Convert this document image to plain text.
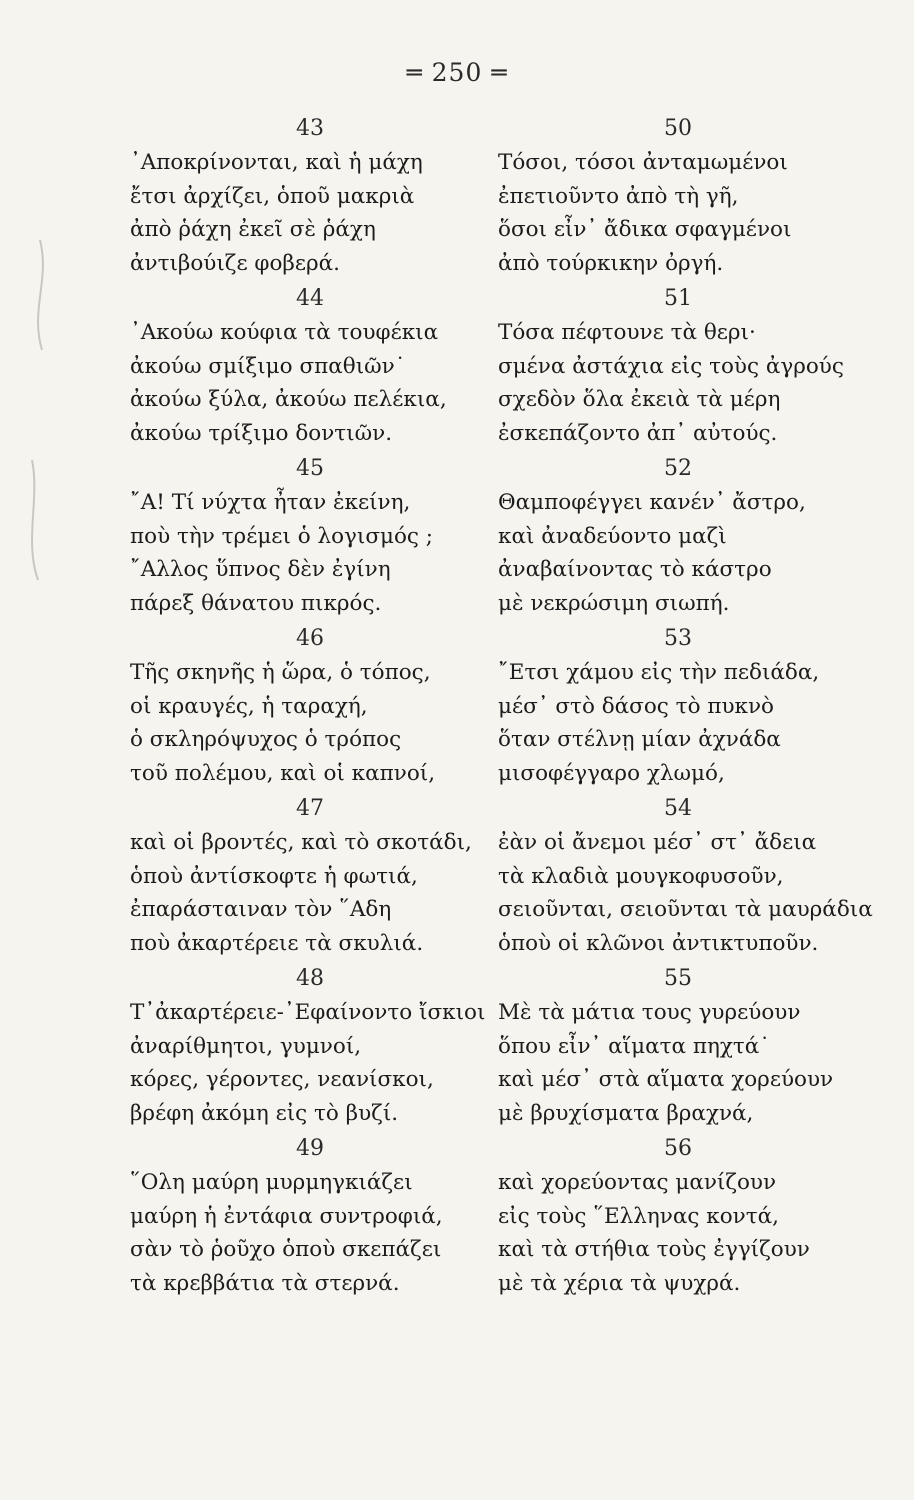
═ 250 ═
43
᾿Αποκρίνονται, καὶ ἡ μάχη
ἔτσι ἀρχίζει, ὁποῦ μακριὰ
ἀπὸ ῥάχη ἐκεῖ σὲ ῥάχη
ἀντιβούιζε φοβερά.
44
᾿Ακούω κούφια τὰ τουφέκια
ἀκούω σμίξιμο σπαθιῶν˙
ἀκούω ξύλα, ἀκούω πελέκια,
ἀκούω τρίξιμο δοντιῶν.
45
῎Α! Τί νύχτα ἦταν ἐκείνη,
ποὺ τὴν τρέμει ὁ λογισμός ;
῎Αλλος ὕπνος δὲν ἐγίνη
πάρεξ θάνατου πικρός.
46
Τῆς σκηνῆς ἡ ὥρα, ὁ τόπος,
οἱ κραυγές, ἡ ταραχή,
ὁ σκληρόψυχος ὁ τρόπος
τοῦ πολέμου, καὶ οἱ καπνοί,
47
καὶ οἱ βροντές, καὶ τὸ σκοτάδι,
ὁποὺ ἀντίσκοφτε ἡ φωτιά,
ἐπαράσταιναν τὸν ῞Αδη
ποὺ ἀκαρτέρειε τὰ σκυλιά.
48
Τ᾿ἀκαρτέρειε-᾿Εφαίνοντο ἴσκιοι
ἀναρίθμητοι, γυμνοί,
κόρες, γέροντες, νεανίσκοι,
βρέφη ἀκόμη εἰς τὸ βυζί.
49
῞Ολη μαύρη μυρμηγκιάζει
μαύρη ἡ ἐντάφια συντροφιά,
σὰν τὸ ῥοῦχο ὁποὺ σκεπάζει
τὰ κρεββάτια τὰ στερνά.
50
Τόσοι, τόσοι ἀνταμωμένοι
ἐπετιοῦντο ἀπὸ τὴ γῆ,
ὅσοι εἶν᾿ ἄδικα σφαγμένοι
ἀπὸ τούρκικην ὀργή.
51
Τόσα πέφτουνε τὰ θερι·
σμένα ἀστάχια εἰς τοὺς ἀγρούς
σχεδὸν ὅλα ἐκειὰ τὰ μέρη
ἐσκεπάζοντο ἀπ᾿ αὐτούς.
52
Θαμποφέγγει κανέν᾿ ἄστρο,
καὶ ἀναδεύοντο μαζὶ
ἀναβαίνοντας τὸ κάστρο
μὲ νεκρώσιμη σιωπή.
53
῎Ετσι χάμου εἰς τὴν πεδιάδα,
μέσ᾿ στὸ δάσος τὸ πυκνὸ
ὅταν στέλνῃ μίαν ἀχνάδα
μισοφέγγαρο χλωμό,
54
ἐὰν οἱ ἄνεμοι μέσ᾿ στ᾿ ἄδεια
τὰ κλαδιὰ μουγκοφυσοῦν,
σειοῦνται, σειοῦνται τὰ μαυράδια
ὁποὺ οἱ κλῶνοι ἀντικτυποῦν.
55
Μὲ τὰ μάτια τους γυρεύουν
ὅπου εἶν᾿ αἵματα πηχτά˙
καὶ μέσ᾿ στὰ αἵματα χορεύουν
μὲ βρυχίσματα βραχνά,
56
καὶ χορεύοντας μανίζουν
εἰς τοὺς ῞Ελληνας κοντά,
καὶ τὰ στήθια τοὺς ἐγγίζουν
μὲ τὰ χέρια τὰ ψυχρά.
